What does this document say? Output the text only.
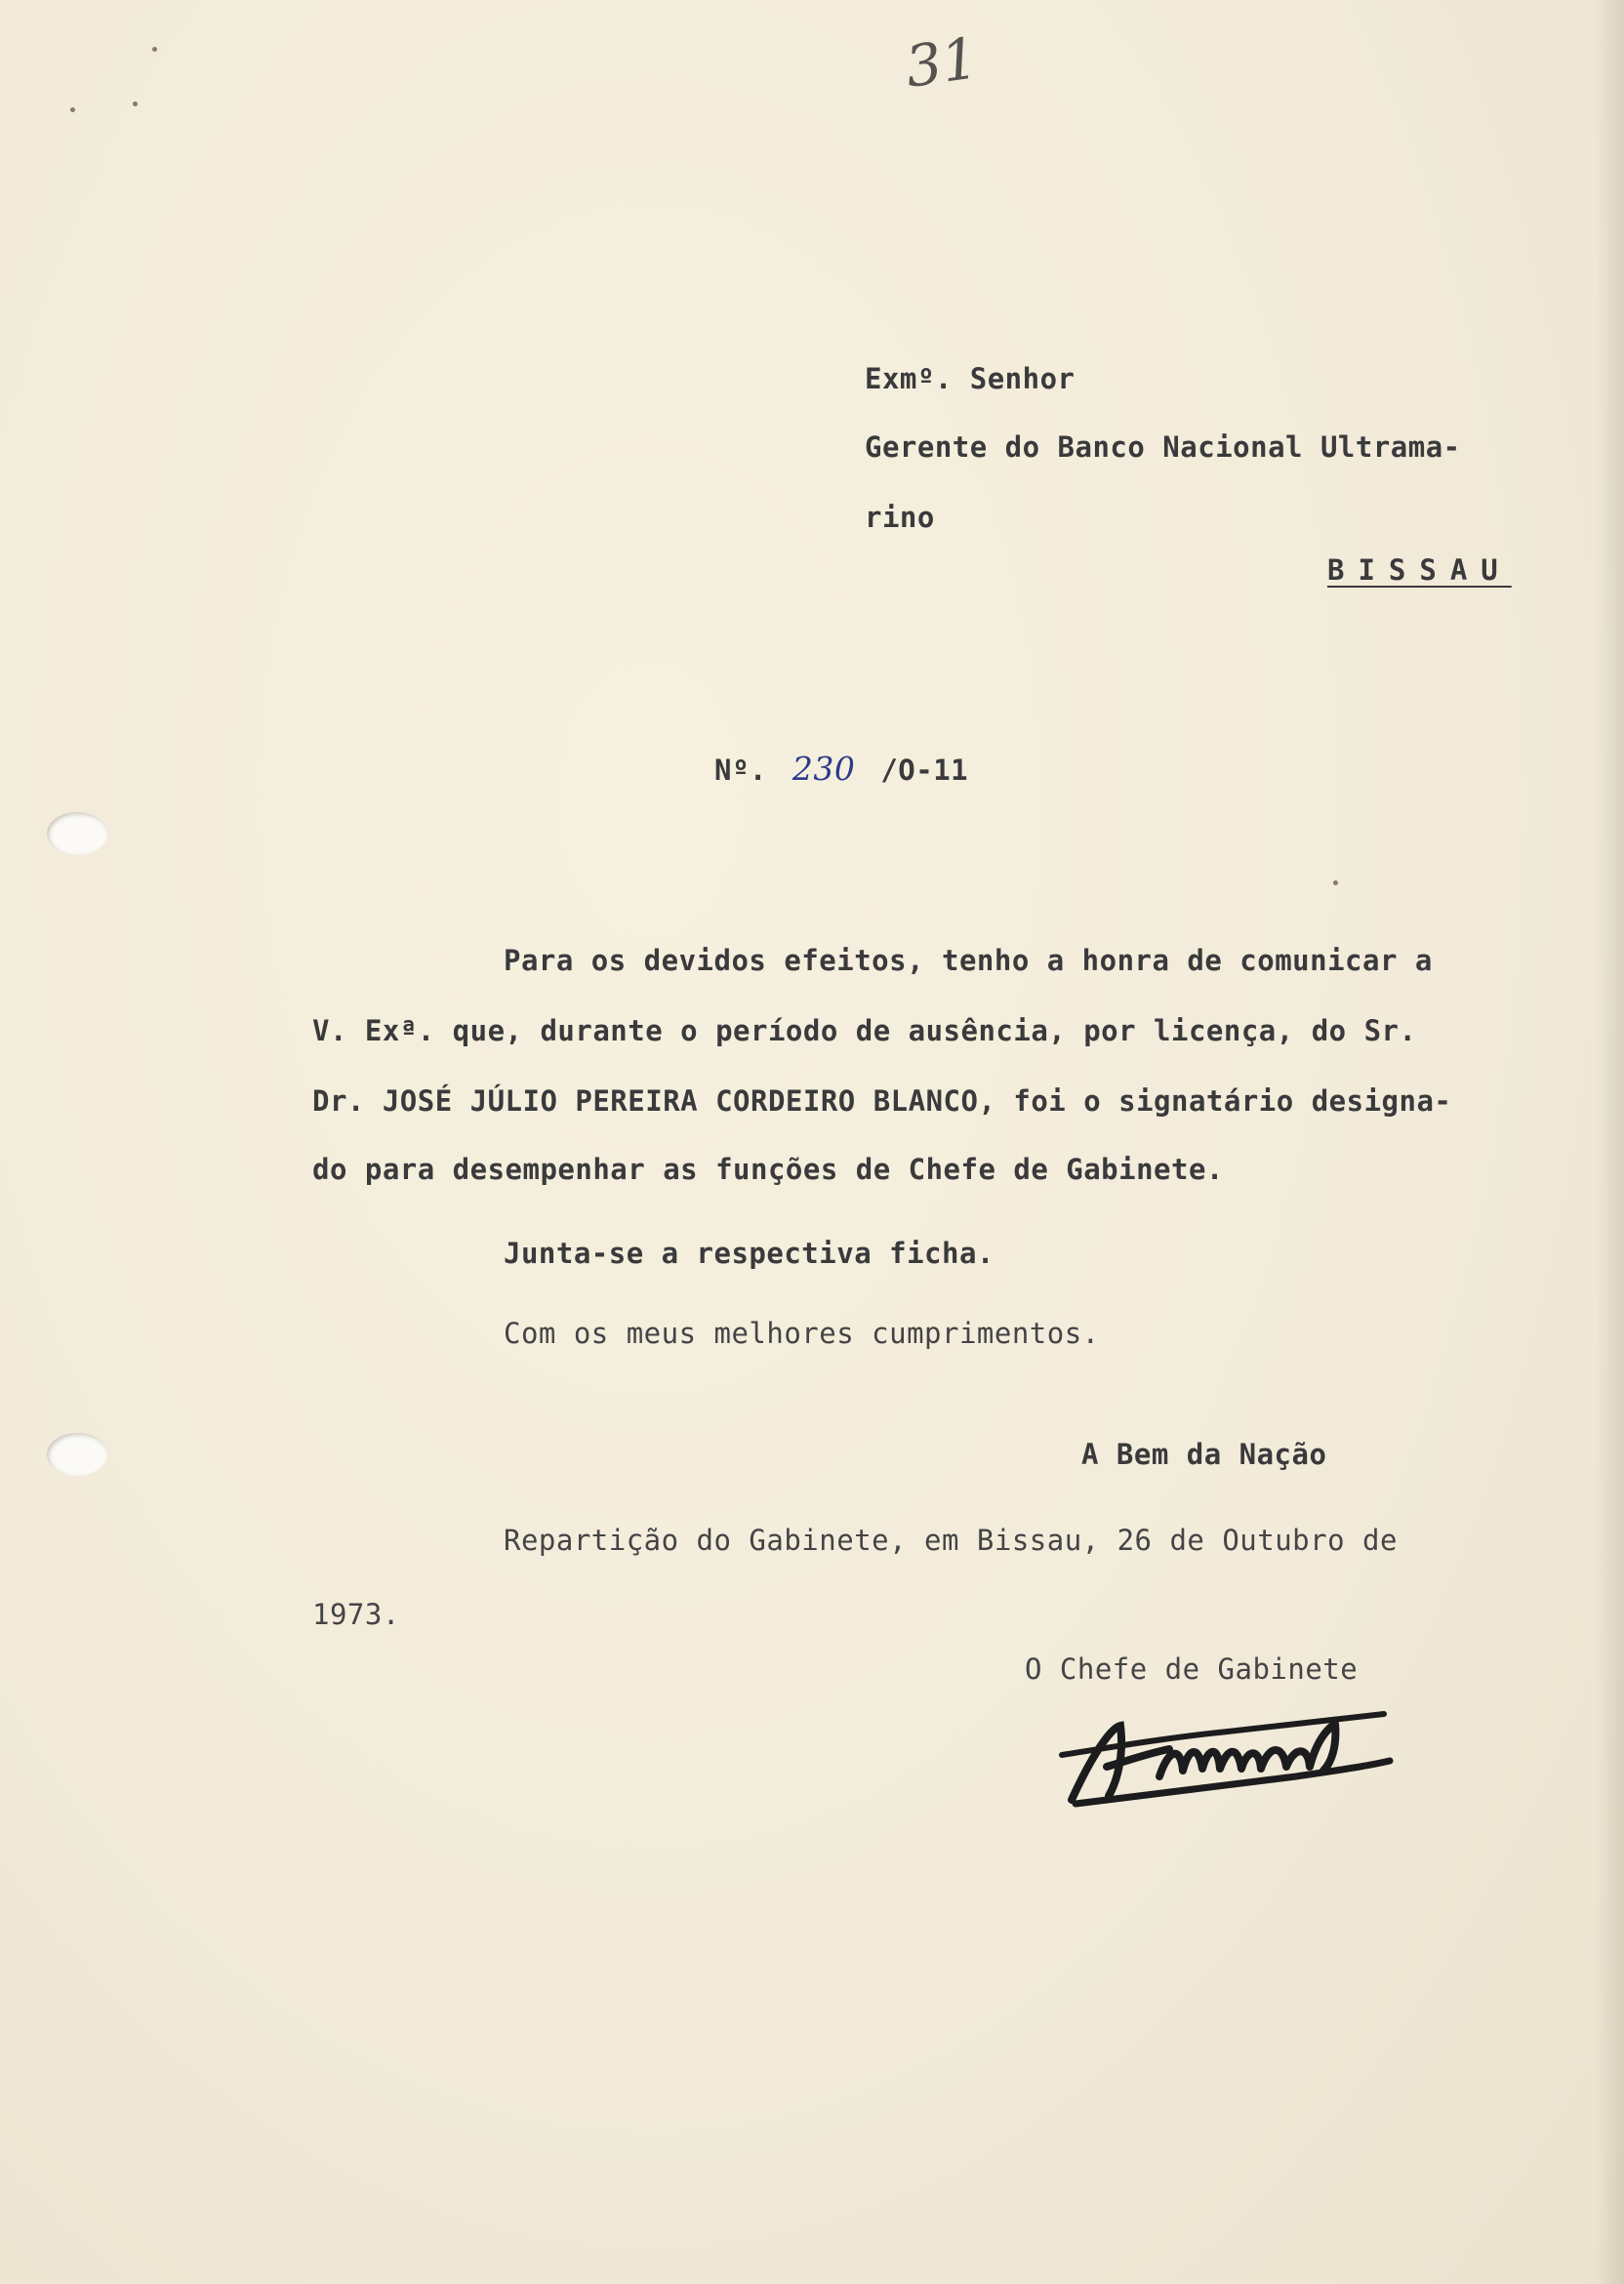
31
Exmº. Senhor
Gerente do Banco Nacional Ultrama-
rino
BISSAU
Nº. 230 /O-11
Para os devidos efeitos, tenho a honra de comunicar a
V. Exª. que, durante o período de ausência, por licença, do Sr.
Dr. JOSÉ JÚLIO PEREIRA CORDEIRO BLANCO, foi o signatário designa-
do para desempenhar as funções de Chefe de Gabinete.
Junta-se a respectiva ficha.
Com os meus melhores cumprimentos.
A Bem da Nação
Repartição do Gabinete, em Bissau, 26 de Outubro de
1973.
O Chefe de Gabinete
